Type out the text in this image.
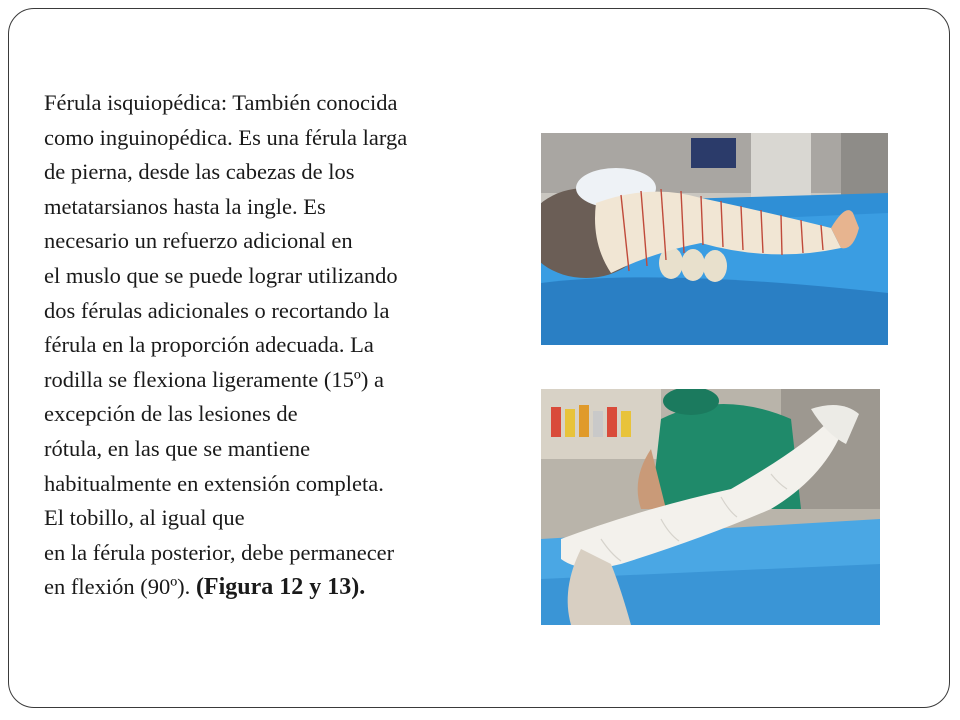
Férula isquiopédica: También conocida
como inguinopédica. Es una férula larga
de pierna, desde las cabezas de los
metatarsianos hasta la ingle. Es
necesario un refuerzo adicional en
el muslo que se puede lograr utilizando
dos férulas adicionales o recortando la
férula en la proporción adecuada. La
rodilla se flexiona ligeramente (15º) a
excepción de las lesiones de
rótula, en las que se mantiene
habitualmente en extensión completa.
El tobillo, al igual que
en la férula posterior, debe permanecer
en flexión (90º). (Figura 12 y 13).
